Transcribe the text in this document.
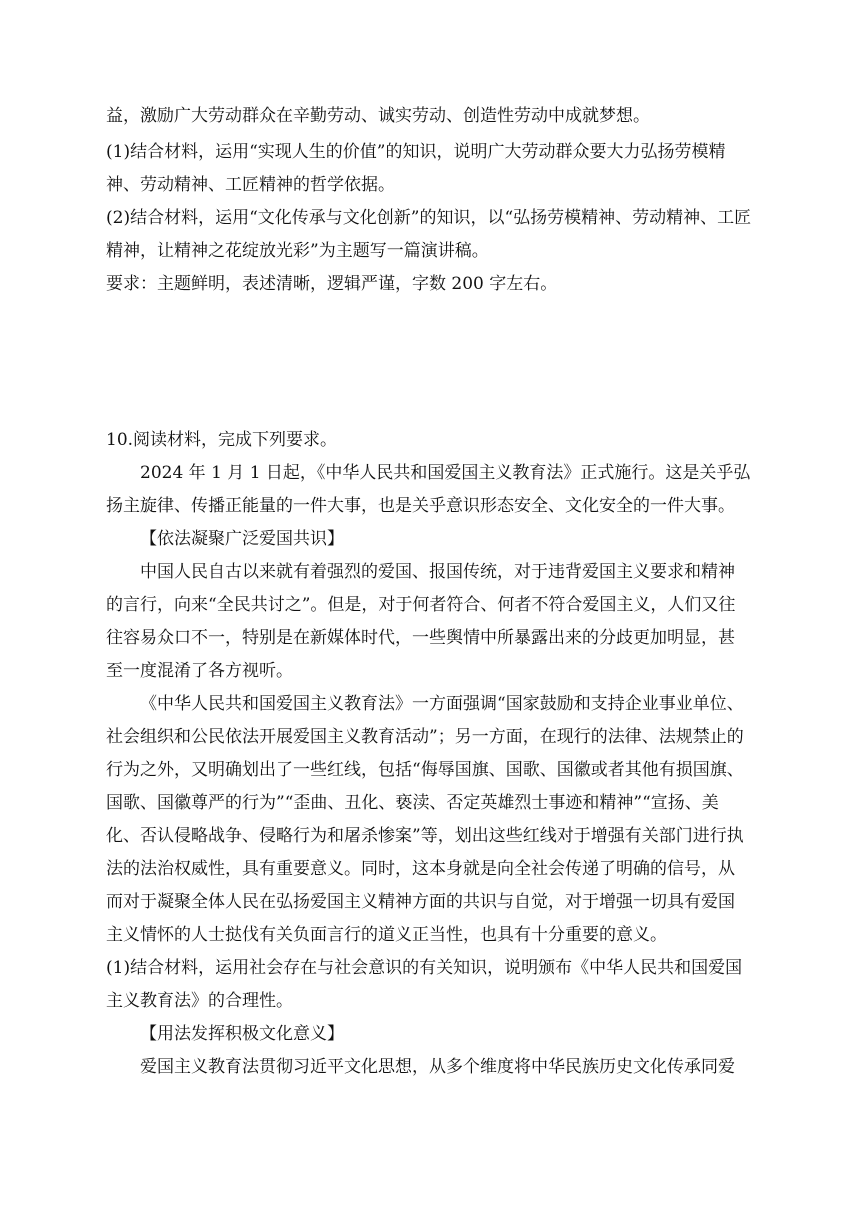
益，激励广大劳动群众在辛勤劳动、诚实劳动、创造性劳动中成就梦想。
(1)结合材料，运用“实现人生的价值”的知识，说明广大劳动群众要大力弘扬劳模精
神、劳动精神、工匠精神的哲学依据。
(2)结合材料，运用“文化传承与文化创新”的知识，以“弘扬劳模精神、劳动精神、工匠
精神，让精神之花绽放光彩”为主题写一篇演讲稿。
要求：主题鲜明，表述清晰，逻辑严谨，字数 200 字左右。
10.阅读材料，完成下列要求。
2024 年 1 月 1 日起，《中华人民共和国爱国主义教育法》正式施行。这是关乎弘
扬主旋律、传播正能量的一件大事，也是关乎意识形态安全、文化安全的一件大事。
【依法凝聚广泛爱国共识】
中国人民自古以来就有着强烈的爱国、报国传统，对于违背爱国主义要求和精神
的言行，向来“全民共讨之”。但是，对于何者符合、何者不符合爱国主义，人们又往
往容易众口不一，特别是在新媒体时代，一些舆情中所暴露出来的分歧更加明显，甚
至一度混淆了各方视听。
《中华人民共和国爱国主义教育法》一方面强调“国家鼓励和支持企业事业单位、
社会组织和公民依法开展爱国主义教育活动”；另一方面，在现行的法律、法规禁止的
行为之外，又明确划出了一些红线，包括“侮辱国旗、国歌、国徽或者其他有损国旗、
国歌、国徽尊严的行为”“歪曲、丑化、亵渎、否定英雄烈士事迹和精神”“宣扬、美
化、否认侵略战争、侵略行为和屠杀惨案”等，划出这些红线对于增强有关部门进行执
法的法治权威性，具有重要意义。同时，这本身就是向全社会传递了明确的信号，从
而对于凝聚全体人民在弘扬爱国主义精神方面的共识与自觉，对于增强一切具有爱国
主义情怀的人士挞伐有关负面言行的道义正当性，也具有十分重要的意义。
(1)结合材料，运用社会存在与社会意识的有关知识，说明颁布《中华人民共和国爱国
主义教育法》的合理性。
【用法发挥积极文化意义】
爱国主义教育法贯彻习近平文化思想，从多个维度将中华民族历史文化传承同爱
